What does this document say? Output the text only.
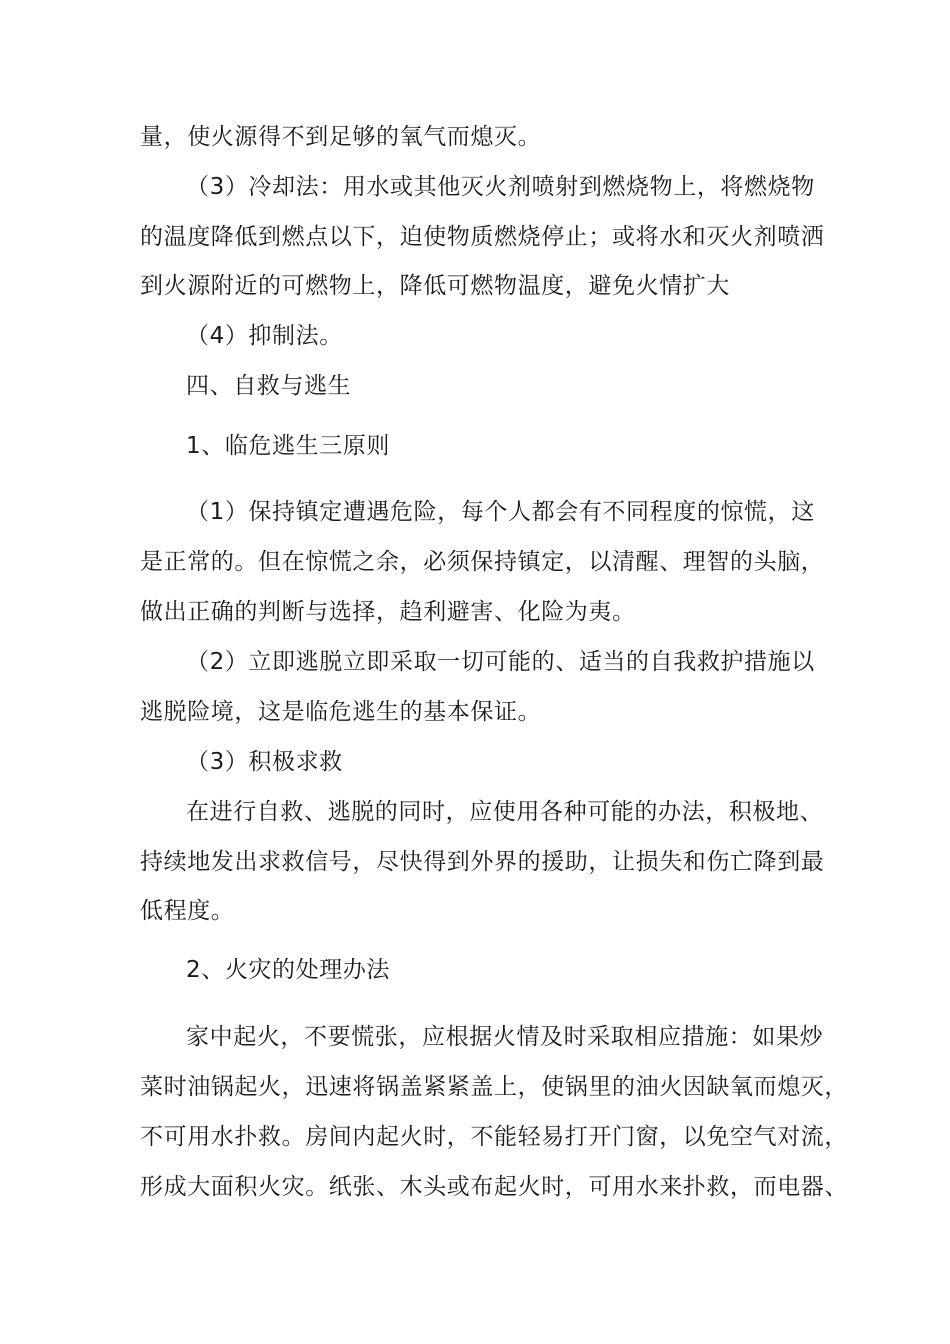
量，使火源得不到足够的氧气而熄灭。
（3）冷却法：用水或其他灭火剂喷射到燃烧物上，将燃烧物
的温度降低到燃点以下，迫使物质燃烧停止；或将水和灭火剂喷洒
到火源附近的可燃物上，降低可燃物温度，避免火情扩大
（4）抑制法。
四、自救与逃生
1、临危逃生三原则
（1）保持镇定遭遇危险，每个人都会有不同程度的惊慌，这
是正常的。但在惊慌之余，必须保持镇定，以清醒、理智的头脑，
做出正确的判断与选择，趋利避害、化险为夷。
（2）立即逃脱立即采取一切可能的、适当的自我救护措施以
逃脱险境，这是临危逃生的基本保证。
（3）积极求救
在进行自救、逃脱的同时，应使用各种可能的办法，积极地、
持续地发出求救信号，尽快得到外界的援助，让损失和伤亡降到最
低程度。
2、火灾的处理办法
家中起火，不要慌张，应根据火情及时采取相应措施：如果炒
菜时油锅起火，迅速将锅盖紧紧盖上，使锅里的油火因缺氧而熄灭，
不可用水扑救。房间内起火时，不能轻易打开门窗，以免空气对流，
形成大面积火灾。纸张、木头或布起火时，可用水来扑救，而电器、
